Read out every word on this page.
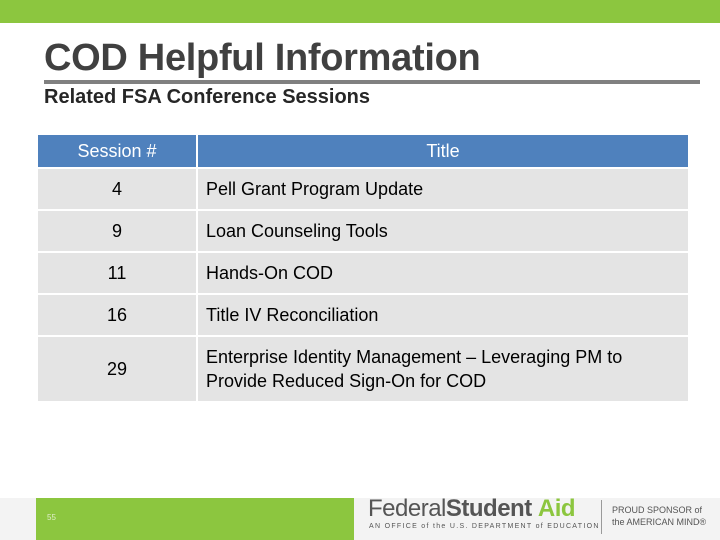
COD Helpful Information
Related FSA Conference Sessions
Session #	Title
4	Pell Grant Program Update
9	Loan Counseling Tools
11	Hands-On COD
16	Title IV Reconciliation
29	Enterprise Identity Management – Leveraging PM to Provide Reduced Sign-On for COD
55	FederalStudent Aid
AN OFFICE of the U.S. DEPARTMENT of EDUCATION
PROUD SPONSOR of
the AMERICAN MIND®
